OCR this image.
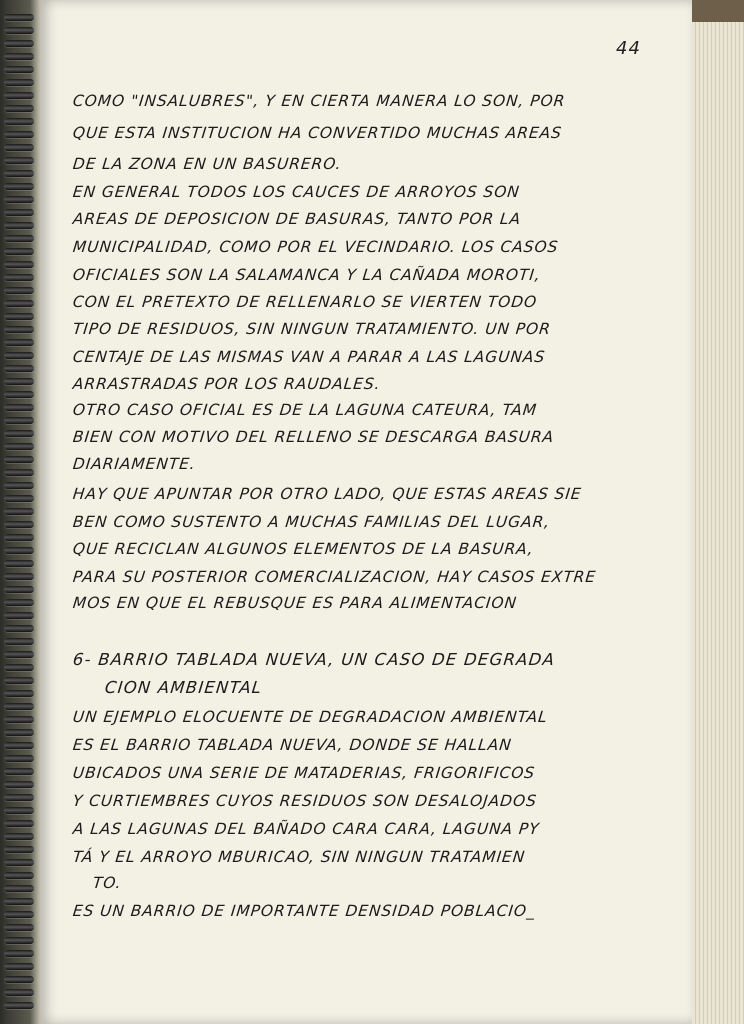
44
COMO "INSALUBRES", Y EN CIERTA MANERA LO SON, POR
QUE ESTA INSTITUCION HA CONVERTIDO MUCHAS AREAS
DE LA ZONA EN UN BASURERO.
EN GENERAL TODOS LOS CAUCES DE ARROYOS SON
AREAS DE DEPOSICION DE BASURAS, TANTO POR LA
MUNICIPALIDAD, COMO POR EL VECINDARIO. LOS CASOS
OFICIALES SON LA SALAMANCA Y LA CAÑADA MOROTI,
CON EL PRETEXTO DE RELLENARLO SE VIERTEN TODO
TIPO DE RESIDUOS, SIN NINGUN TRATAMIENTO. UN POR
CENTAJE DE LAS MISMAS VAN A PARAR A LAS LAGUNAS
ARRASTRADAS POR LOS RAUDALES.
OTRO CASO OFICIAL ES DE LA LAGUNA CATEURA, TAM
BIEN CON MOTIVO DEL RELLENO SE DESCARGA BASURA
DIARIAMENTE.
HAY QUE APUNTAR POR OTRO LADO, QUE ESTAS AREAS SIE
BEN COMO SUSTENTO A MUCHAS FAMILIAS DEL LUGAR,
QUE RECICLAN ALGUNOS ELEMENTOS DE LA BASURA,
PARA SU POSTERIOR COMERCIALIZACION, HAY CASOS EXTRE
MOS EN QUE EL REBUSQUE ES PARA ALIMENTACION
6- BARRIO TABLADA NUEVA, UN CASO DE DEGRADA
CION AMBIENTAL
UN EJEMPLO ELOCUENTE DE DEGRADACION AMBIENTAL
ES EL BARRIO TABLADA NUEVA, DONDE SE HALLAN
UBICADOS UNA SERIE DE MATADERIAS, FRIGORIFICOS
Y CURTIEMBRES CUYOS RESIDUOS SON DESALOJADOS
A LAS LAGUNAS DEL BAÑADO CARA CARA, LAGUNA PY
TÁ Y EL ARROYO MBURICAO, SIN NINGUN TRATAMIEN
TO.
ES UN BARRIO DE IMPORTANTE DENSIDAD POBLACIO_
